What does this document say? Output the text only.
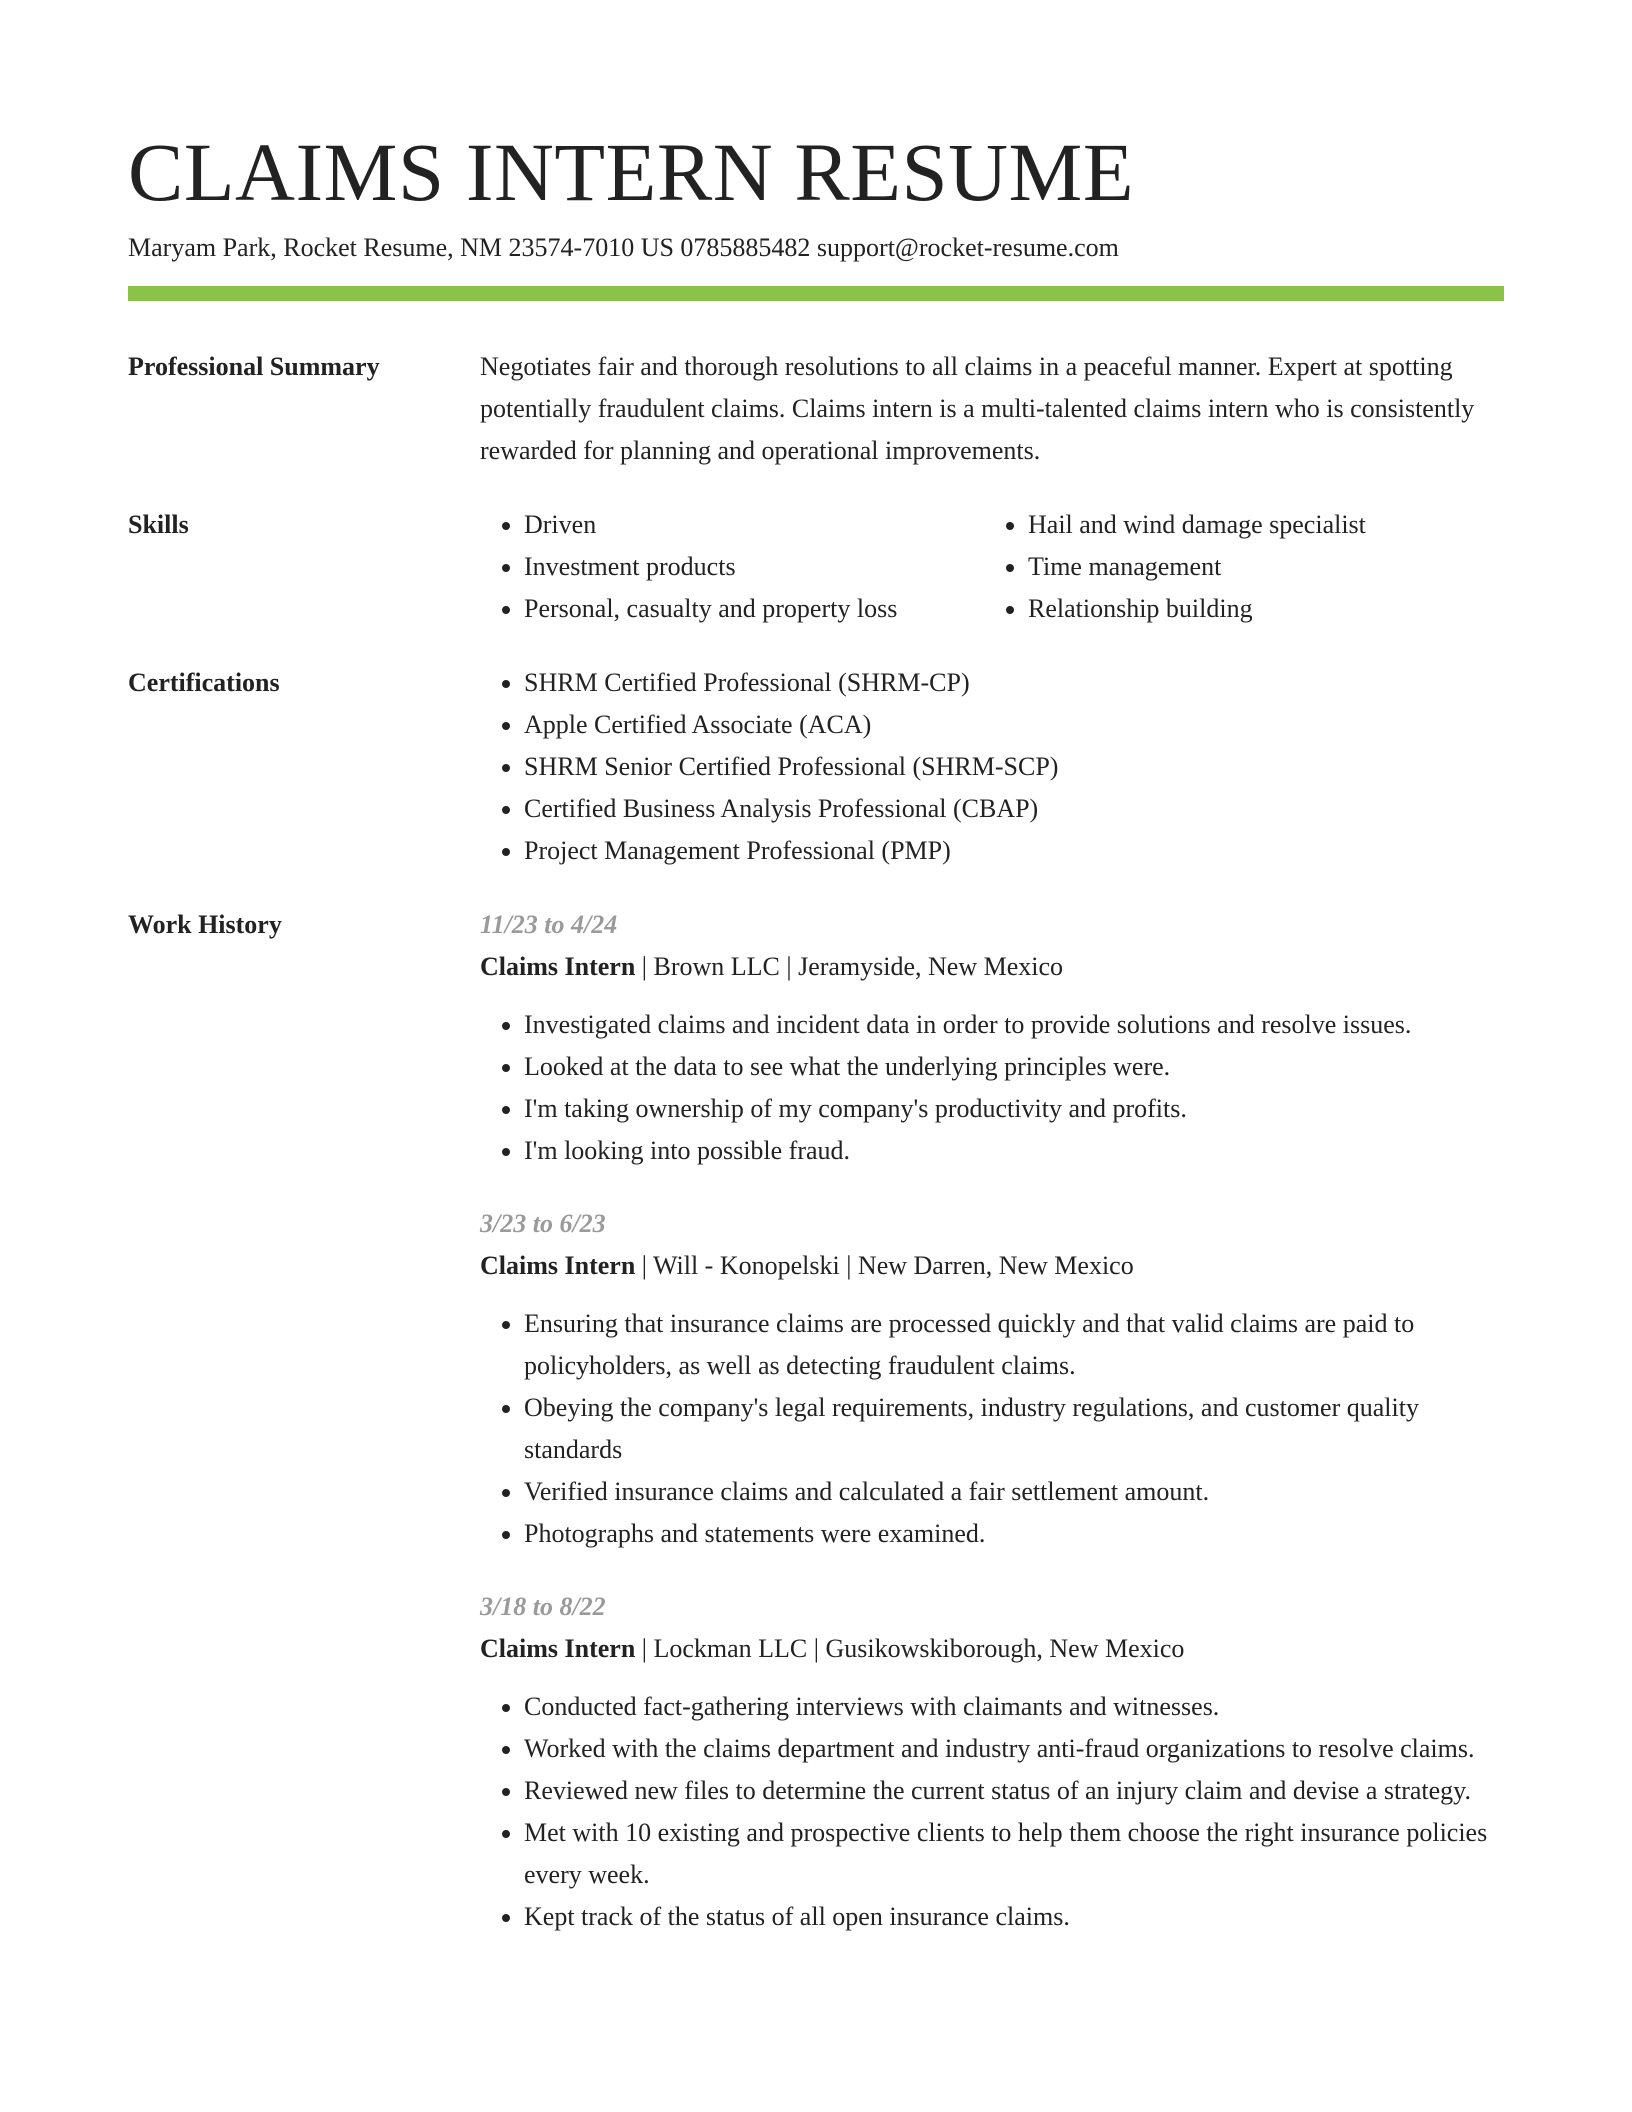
CLAIMS INTERN RESUME
Maryam Park, Rocket Resume, NM 23574-7010 US 0785885482 support@rocket-resume.com
Professional Summary	Negotiates fair and thorough resolutions to all claims in a peaceful manner. Expert at spotting potentially fraudulent claims. Claims intern is a multi-talented claims intern who is consistently rewarded for planning and operational improvements.

Skills	• Driven
• Investment products
• Personal, casualty and property loss
• Hail and wind damage specialist
• Time management
• Relationship building
Certifications	• SHRM Certified Professional (SHRM-CP)
• Apple Certified Associate (ACA)
• SHRM Senior Certified Professional (SHRM-SCP)
• Certified Business Analysis Professional (CBAP)
• Project Management Professional (PMP)
Work History	11/23 to 4/24
Claims Intern | Brown LLC | Jeramyside, New Mexico
• Investigated claims and incident data in order to provide solutions and resolve issues.
• Looked at the data to see what the underlying principles were.
• I'm taking ownership of my company's productivity and profits.
• I'm looking into possible fraud.
3/23 to 6/23
Claims Intern | Will - Konopelski | New Darren, New Mexico
• Ensuring that insurance claims are processed quickly and that valid claims are paid to policyholders, as well as detecting fraudulent claims.
• Obeying the company's legal requirements, industry regulations, and customer quality standards
• Verified insurance claims and calculated a fair settlement amount.
• Photographs and statements were examined.
3/18 to 8/22
Claims Intern | Lockman LLC | Gusikowskiborough, New Mexico
• Conducted fact-gathering interviews with claimants and witnesses.
• Worked with the claims department and industry anti-fraud organizations to resolve claims.
• Reviewed new files to determine the current status of an injury claim and devise a strategy.
• Met with 10 existing and prospective clients to help them choose the right insurance policies every week.
• Kept track of the status of all open insurance claims.
